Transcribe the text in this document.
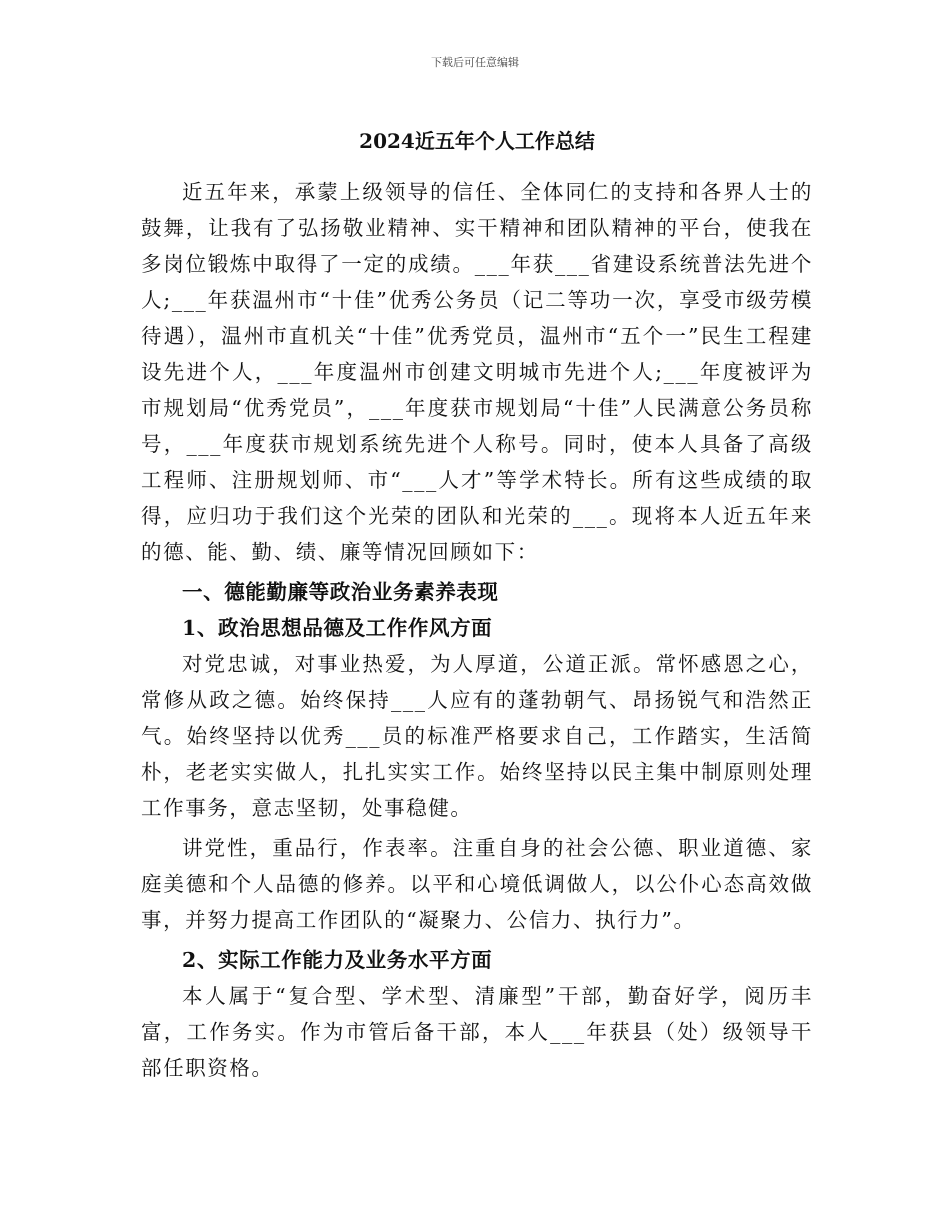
下载后可任意编辑
2024近五年个人工作总结

近五年来，承蒙上级领导的信任、全体同仁的支持和各界人士的鼓舞，让我有了弘扬敬业精神、实干精神和团队精神的平台，使我在多岗位锻炼中取得了一定的成绩。___年获___省建设系统普法先进个人;___年获温州市“十佳”优秀公务员（记二等功一次，享受市级劳模待遇），温州市直机关“十佳”优秀党员，温州市“五个一”民生工程建设先进个人，___年度温州市创建文明城市先进个人;___年度被评为市规划局“优秀党员”，___年度获市规划局“十佳”人民满意公务员称号，___年度获市规划系统先进个人称号。同时，使本人具备了高级工程师、注册规划师、市“___人才”等学术特长。所有这些成绩的取得，应归功于我们这个光荣的团队和光荣的___。现将本人近五年来的德、能、勤、绩、廉等情况回顾如下：

一、德能勤廉等政治业务素养表现
1、政治思想品德及工作作风方面

对党忠诚，对事业热爱，为人厚道，公道正派。常怀感恩之心，常修从政之德。始终保持___人应有的蓬勃朝气、昂扬锐气和浩然正气。始终坚持以优秀___员的标准严格要求自己，工作踏实，生活简朴，老老实实做人，扎扎实实工作。始终坚持以民主集中制原则处理工作事务，意志坚韧，处事稳健。

讲党性，重品行，作表率。注重自身的社会公德、职业道德、家庭美德和个人品德的修养。以平和心境低调做人，以公仆心态高效做事，并努力提高工作团队的“凝聚力、公信力、执行力”。

2、实际工作能力及业务水平方面

本人属于“复合型、学术型、清廉型”干部，勤奋好学，阅历丰富，工作务实。作为市管后备干部，本人___年获县（处）级领导干部任职资格。
